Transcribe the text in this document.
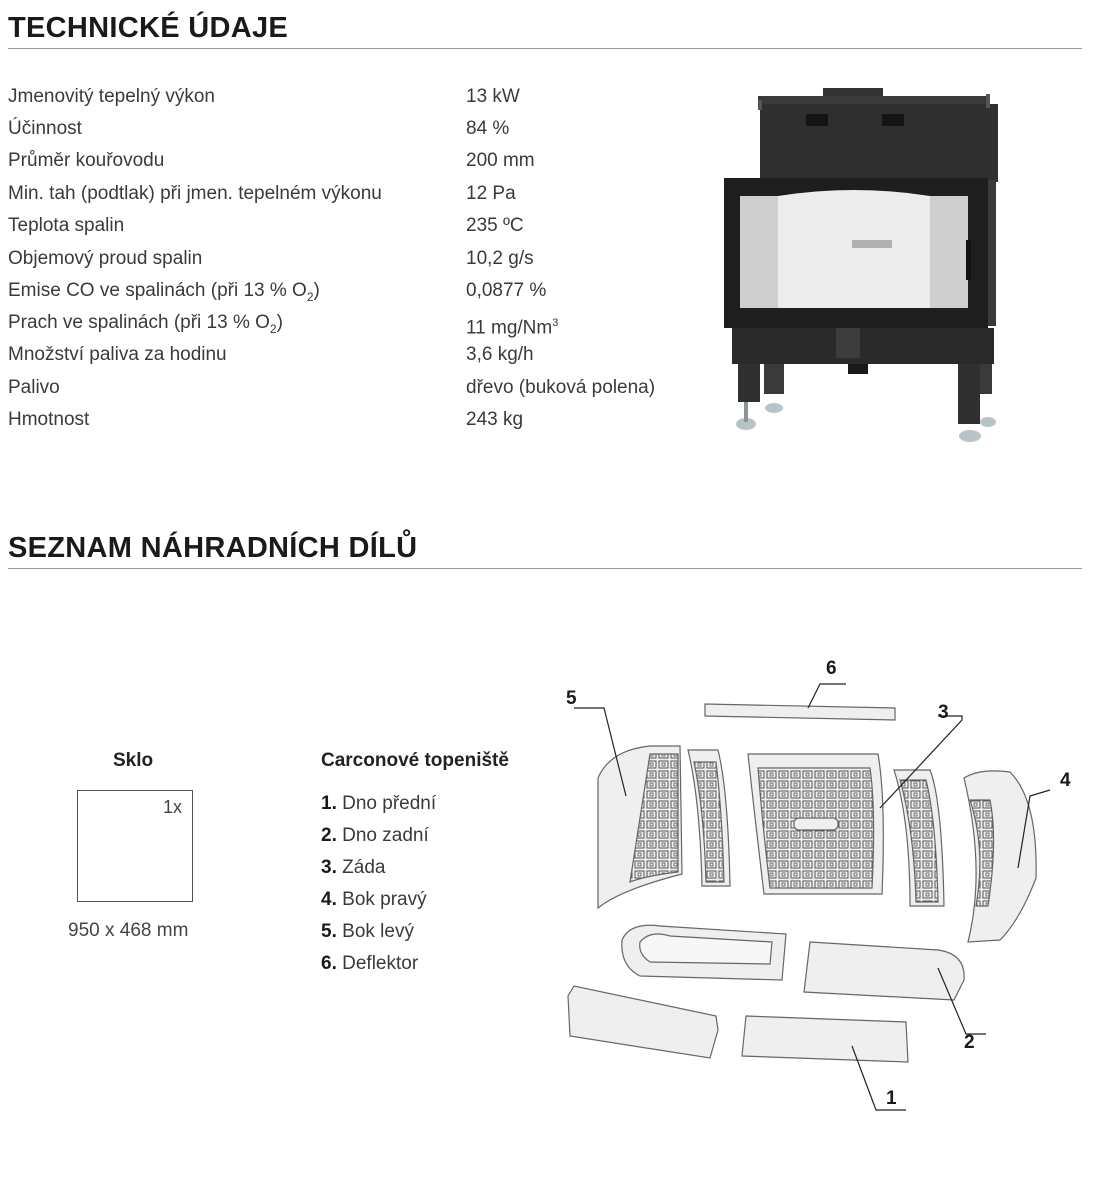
TECHNICKÉ ÚDAJE
Jmenovitý tepelný výkon	13 kW
Účinnost	84 %
Průměr kouřovodu	200 mm
Min. tah (podtlak) při jmen. tepelném výkonu	12 Pa
Teplota spalin	235 ºC
Objemový proud spalin	10,2 g/s
Emise CO ve spalinách (při 13 % $O_2$)	0,0877 %
Prach ve spalinách (při 13 % $O_2$)	11 mg/Nm$^3$
Množství paliva za hodinu	3,6 kg/h
Palivo	dřevo (buková polena)
Hmotnost	243 kg
SEZNAM NÁHRADNÍCH DÍLŮ
Sklo
1x
950 x 468 mm
Carconové topeniště
1. Dno přední
2. Dno zadní
3. Záda
4. Bok pravý
5. Bok levý
6. Deflektor
6
3
5
4
2
1
